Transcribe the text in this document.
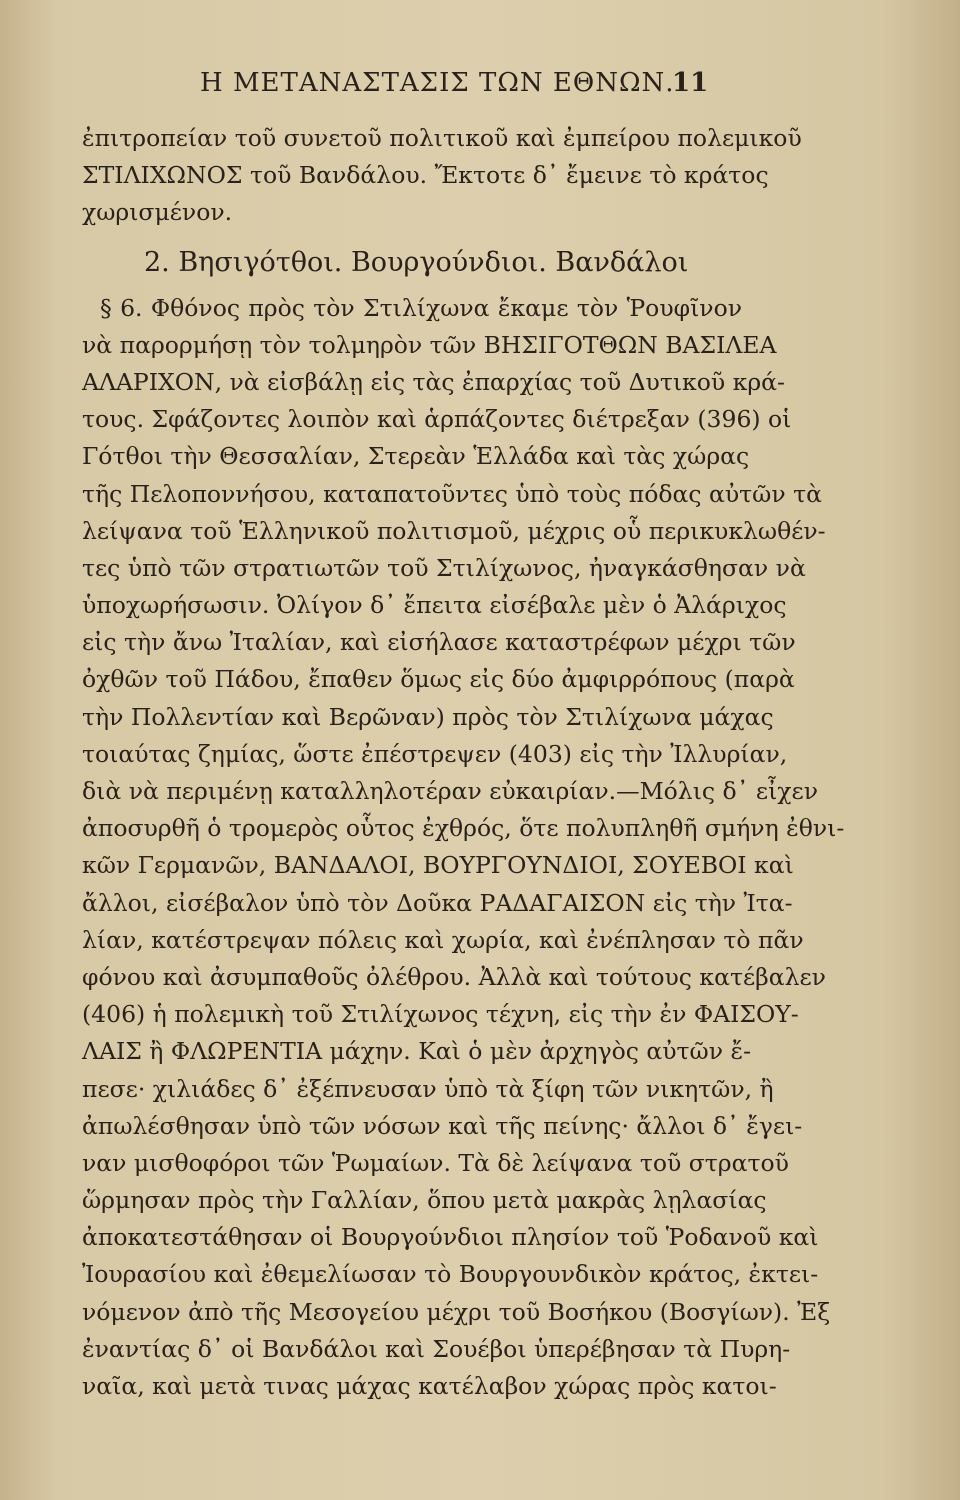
Η ΜΕΤΑΝΑΣΤΑΣΙΣ ΤΩΝ ΕΘΝΩΝ.
11
ἐπιτροπείαν τοῦ συνετοῦ πολιτικοῦ καὶ ἐμπείρου πολεμικοῦ
ΣΤΙΛΙΧΩΝΟΣ τοῦ Βανδάλου. Ἔκτοτε δ᾽ ἔμεινε τὸ κράτος
χωρισμένον.
2. Βησιγότθοι. Βουργούνδιοι. Βανδάλοι
§ 6. Φθόνος πρὸς τὸν Στιλίχωνα ἔκαμε τὸν Ῥουφῖνον
νὰ παρορμήσῃ τὸν τολμηρὸν τῶν ΒΗΣΙΓΟΤΘΩΝ ΒΑΣΙΛΕΑ
ΑΛΑΡΙΧΟΝ, νὰ εἰσβάλῃ εἰς τὰς ἐπαρχίας τοῦ Δυτικοῦ κρά-
τους. Σφάζοντες λοιπὸν καὶ ἁρπάζοντες διέτρεξαν (396) οἱ
Γότθοι τὴν Θεσσαλίαν, Στερεὰν Ἑλλάδα καὶ τὰς χώρας
τῆς Πελοποννήσου, καταπατοῦντες ὑπὸ τοὺς πόδας αὐτῶν τὰ
λείψανα τοῦ Ἑλληνικοῦ πολιτισμοῦ, μέχρις οὗ περικυκλωθέν-
τες ὑπὸ τῶν στρατιωτῶν τοῦ Στιλίχωνος, ἠναγκάσθησαν νὰ
ὑποχωρήσωσιν. Ὀλίγον δ᾽ ἔπειτα εἰσέβαλε μὲν ὁ Ἀλάριχος
εἰς τὴν ἄνω Ἰταλίαν, καὶ εἰσήλασε καταστρέφων μέχρι τῶν
ὀχθῶν τοῦ Πάδου, ἔπαθεν ὅμως εἰς δύο ἀμφιρρόπους (παρὰ
τὴν Πολλεντίαν καὶ Βερῶναν) πρὸς τὸν Στιλίχωνα μάχας
τοιαύτας ζημίας, ὥστε ἐπέστρεψεν (403) εἰς τὴν Ἰλλυρίαν,
διὰ νὰ περιμένῃ καταλληλοτέραν εὐκαιρίαν.—Μόλις δ᾽ εἶχεν
ἀποσυρθῆ ὁ τρομερὸς οὗτος ἐχθρός, ὅτε πολυπληθῆ σμήνη ἐθνι-
κῶν Γερμανῶν, ΒΑΝΔΑΛΟΙ, ΒΟΥΡΓΟΥΝΔΙΟΙ, ΣΟΥΕΒΟΙ καὶ
ἄλλοι, εἰσέβαλον ὑπὸ τὸν Δοῦκα ΡΑΔΑΓΑΙΣΟΝ εἰς τὴν Ἰτα-
λίαν, κατέστρεψαν πόλεις καὶ χωρία, καὶ ἐνέπλησαν τὸ πᾶν
φόνου καὶ ἀσυμπαθοῦς ὀλέθρου. Ἀλλὰ καὶ τούτους κατέβαλεν
(406) ἡ πολεμικὴ τοῦ Στιλίχωνος τέχνη, εἰς τὴν ἐν ΦΑΙΣΟΥ-
ΛΑΙΣ ἢ ΦΛΩΡΕΝΤΙΑ μάχην. Καὶ ὁ μὲν ἀρχηγὸς αὐτῶν ἔ-
πεσε· χιλιάδες δ᾽ ἐξέπνευσαν ὑπὸ τὰ ξίφη τῶν νικητῶν, ἢ
ἀπωλέσθησαν ὑπὸ τῶν νόσων καὶ τῆς πείνης· ἄλλοι δ᾽ ἔγει-
ναν μισθοφόροι τῶν Ῥωμαίων. Τὰ δὲ λείψανα τοῦ στρατοῦ
ὥρμησαν πρὸς τὴν Γαλλίαν, ὅπου μετὰ μακρὰς λῃλασίας
ἀποκατεστάθησαν οἱ Βουργούνδιοι πλησίον τοῦ Ῥοδανοῦ καὶ
Ἰουρασίου καὶ ἐθεμελίωσαν τὸ Βουργουνδικὸν κράτος, ἐκτει-
νόμενον ἀπὸ τῆς Μεσογείου μέχρι τοῦ Βοσήκου (Βοσγίων). Ἐξ
ἐναντίας δ᾽ οἱ Βανδάλοι καὶ Σουέβοι ὑπερέβησαν τὰ Πυρη-
ναῖα, καὶ μετὰ τινας μάχας κατέλαβον χώρας πρὸς κατοι-
